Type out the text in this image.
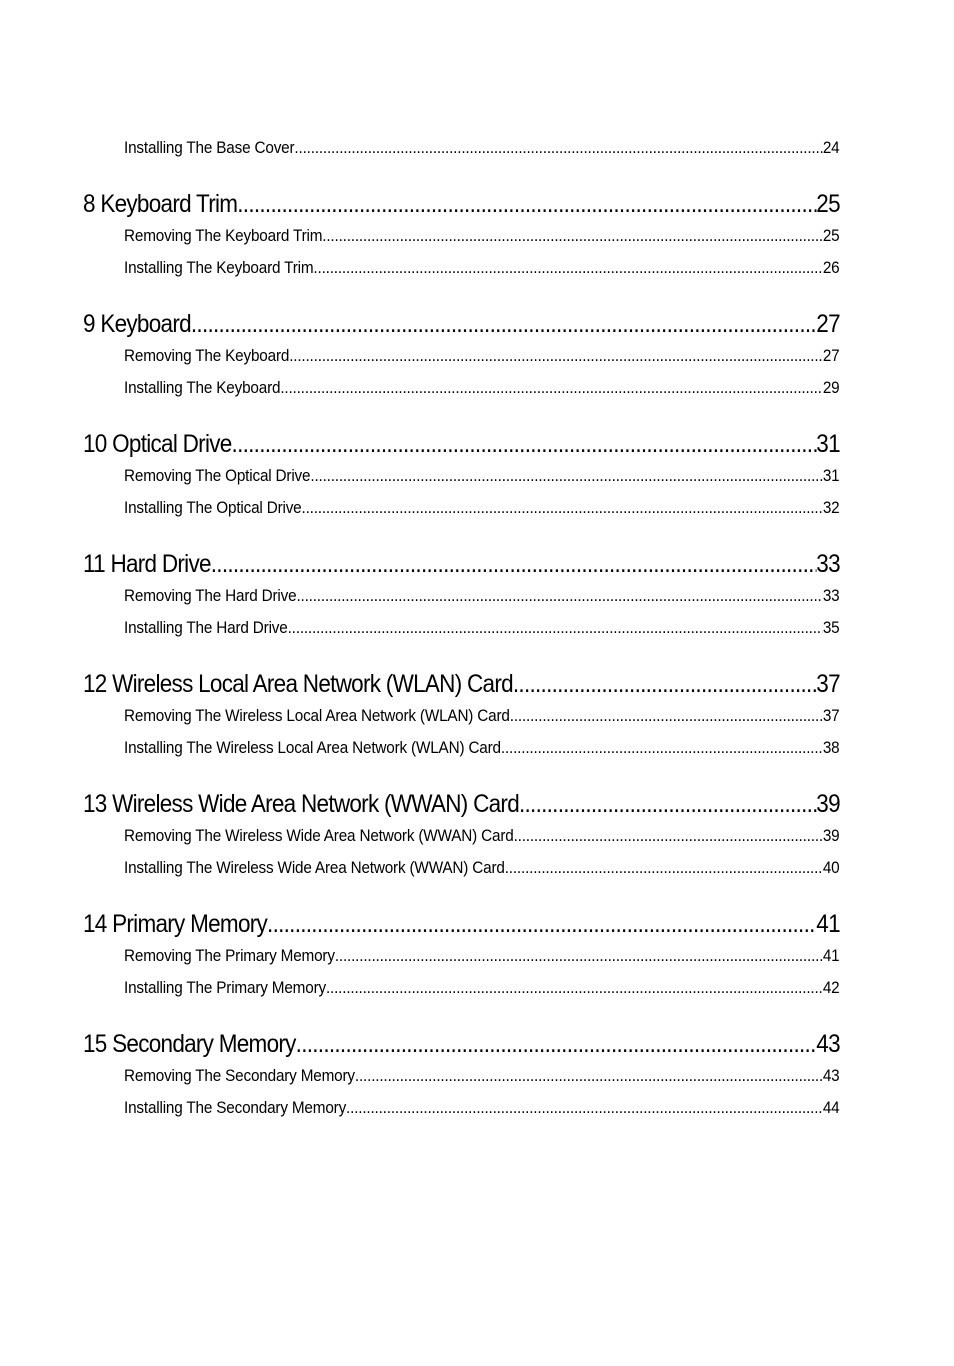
Installing The Base Cover .....	24
8 Keyboard Trim .....	25
Removing The Keyboard Trim .....	25
Installing The Keyboard Trim .....	26
9 Keyboard .....	27
Removing The Keyboard .....	27
Installing The Keyboard .....	29
10 Optical Drive .....	31
Removing The Optical Drive .....	31
Installing The Optical Drive .....	32
11 Hard Drive .....	33
Removing The Hard Drive .....	33
Installing The Hard Drive .....	35
12 Wireless Local Area Network (WLAN) Card .....	37
Removing The Wireless Local Area Network (WLAN) Card .....	37
Installing The Wireless Local Area Network (WLAN) Card .....	38
13 Wireless Wide Area Network (WWAN) Card .....	39
Removing The Wireless Wide Area Network (WWAN) Card .....	39
Installing The Wireless Wide Area Network (WWAN) Card .....	40
14 Primary Memory .....	41
Removing The Primary Memory .....	41
Installing The Primary Memory .....	42
15 Secondary Memory .....	43
Removing The Secondary Memory .....	43
Installing The Secondary Memory .....	44
